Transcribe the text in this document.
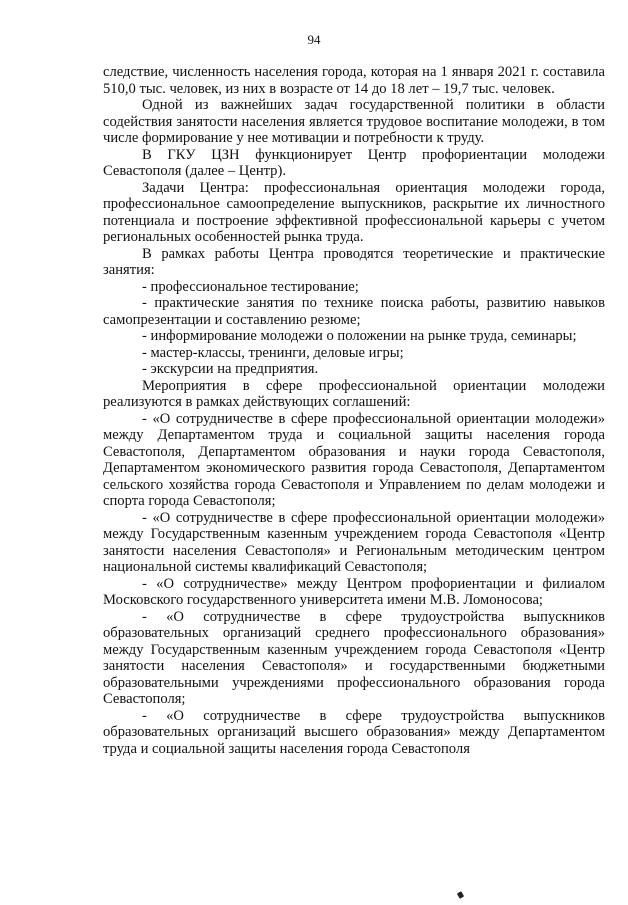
94

следствие, численность населения города, которая на 1 января 2021 г. составила 510,0 тыс. человек, из них в возрасте от 14 до 18 лет – 19,7 тыс. человек.

Одной из важнейших задач государственной политики в области содействия занятости населения является трудовое воспитание молодежи, в том числе формирование у нее мотивации и потребности к труду.

В ГКУ ЦЗН функционирует Центр профориентации молодежи Севастополя (далее – Центр).

Задачи Центра: профессиональная ориентация молодежи города, профессиональное самоопределение выпускников, раскрытие их личностного потенциала и построение эффективной профессиональной карьеры с учетом региональных особенностей рынка труда.

В рамках работы Центра проводятся теоретические и практические занятия:

- профессиональное тестирование;

- практические занятия по технике поиска работы, развитию навыков самопрезентации и составлению резюме;

- информирование молодежи о положении на рынке труда, семинары;

- мастер-классы, тренинги, деловые игры;

- экскурсии на предприятия.

Мероприятия в сфере профессиональной ориентации молодежи реализуются в рамках действующих соглашений:

- «О сотрудничестве в сфере профессиональной ориентации молодежи» между Департаментом труда и социальной защиты населения города Севастополя, Департаментом образования и науки города Севастополя, Департаментом экономического развития города Севастополя, Департаментом сельского хозяйства города Севастополя и Управлением по делам молодежи и спорта города Севастополя;

- «О сотрудничестве в сфере профессиональной ориентации молодежи» между Государственным казенным учреждением города Севастополя «Центр занятости населения Севастополя» и Региональным методическим центром национальной системы квалификаций Севастополя;

- «О сотрудничестве» между Центром профориентации и филиалом Московского государственного университета имени М.В. Ломоносова;

- «О сотрудничестве в сфере трудоустройства выпускников образовательных организаций среднего профессионального образования» между Государственным казенным учреждением города Севастополя «Центр занятости населения Севастополя» и государственными бюджетными образовательными учреждениями профессионального образования города Севастополя;

- «О сотрудничестве в сфере трудоустройства выпускников образовательных организаций высшего образования» между Департаментом труда и социальной защиты населения города Севастополя
